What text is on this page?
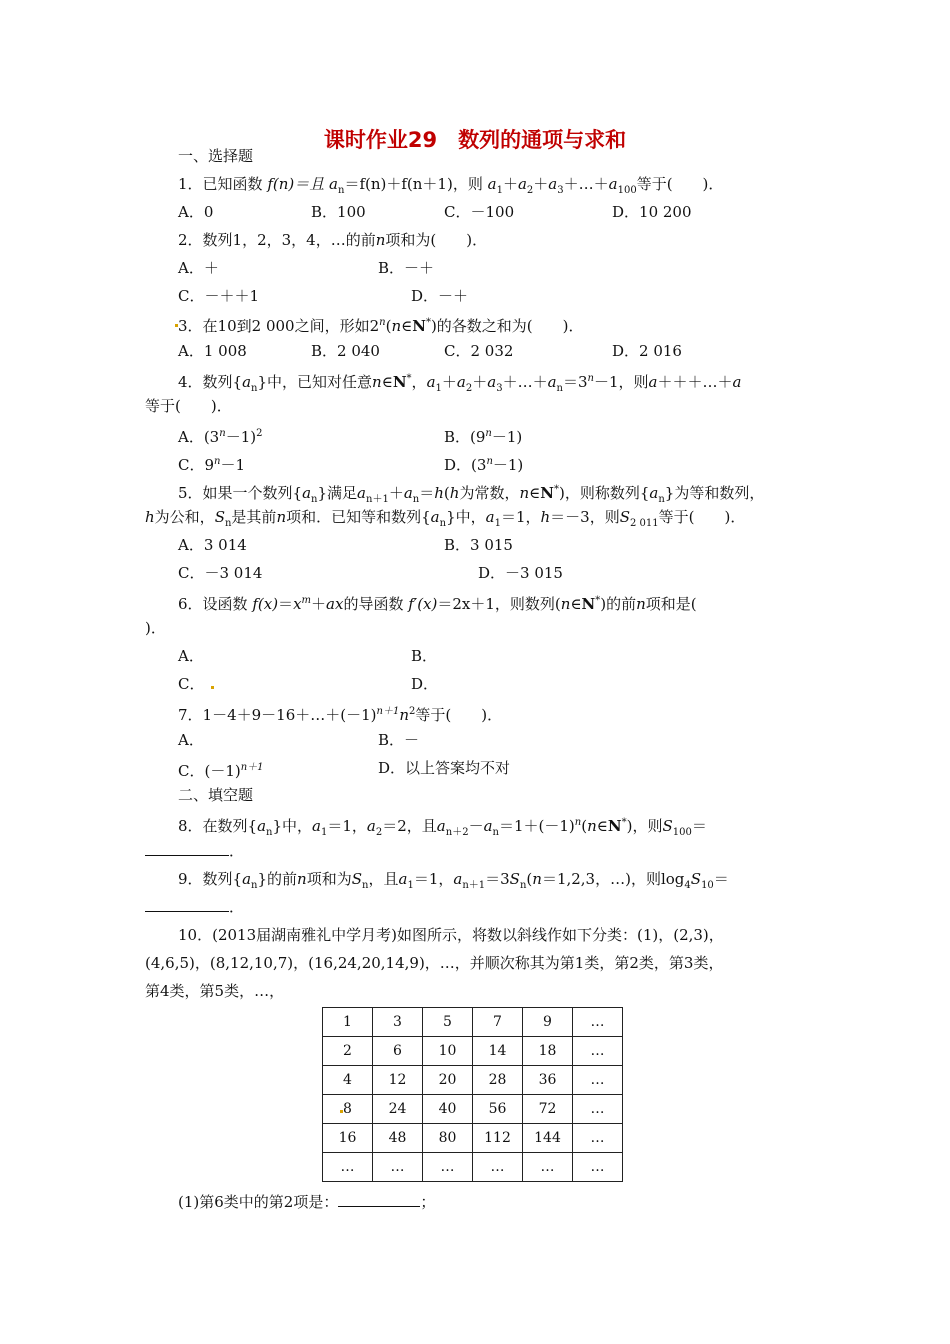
课时作业29　数列的通项与求和
一、选择题
1．已知函数 f(n)＝且 $a_n=f(n)+f(n+1)$，则 $a_1+a_2+a_3+\dots+a_{100}$等于(　　)．
A．0	B．100	C．－100	D．10 200
2．数列1，2，3，4，…的前n项和为(　　)．
A．＋	B．－＋
C．－＋＋1	D．－＋
3．在10到2 000之间，形如2$^n$(n∈N*)的各数之和为(　　)．
A．1 008	B．2 040	C．2 032	D．2 016
4．数列$\{a_n\}$中，已知对任意n∈N*，$a_1+a_2+a_3+\dots+a_n=3^n-1$，则a＋＋＋…＋a
等于(　　)．
A．$(3^n-1)^2$	B．$(9^n-1)$
C．$9^n-1$	D．$(3^n-1)$
5．如果一个数列$\{a_n\}$满足$a_{n+1}+a_n=h(h$为常数，n∈N*)，则称数列$\{a_n\}$为等和数列，
h为公和，$S_n$是其前n项和．已知等和数列$\{a_n\}$中，$a_1=1$，h＝－3，则$S_{2 011}$等于(　　)．
A．3 014	B．3 015
C．－3 014	D．－3 015
6．设函数 $f(x)=x^m+ax$的导函数 f′(x)＝2x＋1，则数列(n∈N*)的前n项和是(
)．
A．	B．
C．	D．
7．$1-4+9-16+\dots+(-1)^{n+1}n^2$等于(　　)．
A．	B．－
C．$(-1)^{n+1}$	D．以上答案均不对
二、填空题
8．在数列$\{a_n\}$中，$a_1=1$，$a_2=2$，且$a_{n+2}-a_n=1+(-1)^n(n\in N^*)$，则$S_{100}=$
．
9．数列$\{a_n\}$的前n项和为$S_n$，且$a_1=1$，$a_{n+1}=3S_n(n=1,2,3$，…)，则$\log_4S_{10}=$
．
10．(2013届湖南雅礼中学月考)如图所示，将数以斜线作如下分类：(1)，(2,3)，
(4,6,5)，(8,12,10,7)，(16,24,20,14,9)，…，并顺次称其为第1类，第2类，第3类，
第4类，第5类，…，
1	3	5	7	9	…
2	6	10	14	18	…
4	12	20	28	36	…
8	24	40	56	72	…
16	48	80	112	144	…
…	…	…	…	…	…
(1)第6类中的第2项是：	；
